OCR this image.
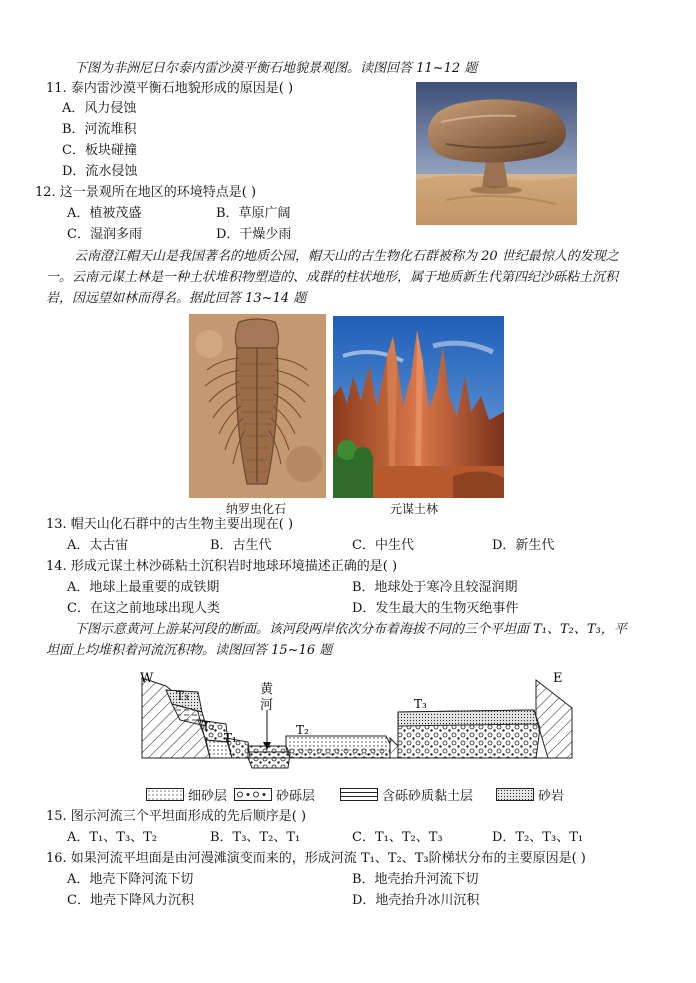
下图为非洲尼日尔泰内雷沙漠平衡石地貌景观图。读图回答 11~12 题
11. 泰内雷沙漠平衡石地貌形成的原因是( )
A．风力侵蚀
B．河流堆积
C．板块碰撞
D．流水侵蚀
12. 这一景观所在地区的环境特点是( )
A．植被茂盛	B．草原广阔
C．湿润多雨	D．干燥少雨
云南澄江帽天山是我国著名的地质公园，帽天山的古生物化石群被称为 20 世纪最惊人的发现之
一。云南元谋土林是一种土状堆积物塑造的、成群的柱状地形，属于地质新生代第四纪沙砾粘土沉积
岩，因远望如林而得名。据此回答 13~14 题
纳罗虫化石	元谋土林
13. 帽天山化石群中的古生物主要出现在( )
A．太古宙	B．古生代	C．中生代	D．新生代
14. 形成元谋土林沙砾粘土沉积岩时地球环境描述正确的是( )
A．地球上最重要的成铁期	B．地球处于寒冷且较湿润期
C．在这之前地球出现人类	D．发生最大的生物灭绝事件
下图示意黄河上游某河段的断面。该河段两岸依次分布着海拔不同的三个平坦面 T₁、T₂、T₃，平
坦面上均堆积着河流沉积物。读图回答 15~16 题
W	E
黄
河
T₃
T₂
T₁
T₂
T₃
细砂层	砂砾层	含砾砂质黏土层	砂岩
15. 图示河流三个平坦面形成的先后顺序是( )
A．T₁、T₃、T₂	B．T₃、T₂、T₁	C．T₁、T₂、T₃	D．T₂、T₃、T₁
16. 如果河流平坦面是由河漫滩演变而来的，形成河流 T₁、T₂、T₃阶梯状分布的主要原因是( )
A．地壳下降河流下切	B．地壳抬升河流下切
C．地壳下降风力沉积	D．地壳抬升冰川沉积
